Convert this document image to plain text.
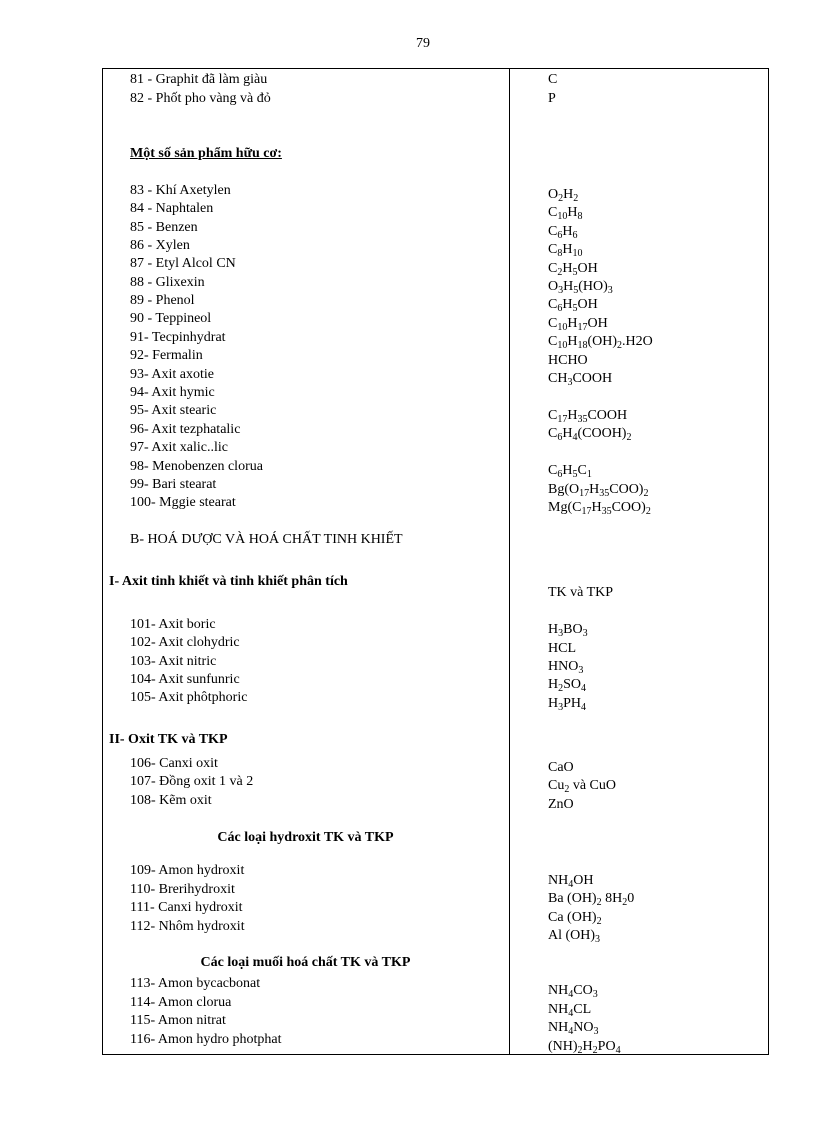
79
81 - Graphit đã làm giàu
82 - Phốt pho vàng và đỏ
Một số sản phẩm hữu cơ:
83 - Khí Axetylen
84 - Naphtalen
85 - Benzen
86 - Xylen
87 - Etyl Alcol CN
88 - Glixexin
89 - Phenol
90 - Teppineol
91- Tecpinhydrat
92- Fermalin
93- Axit axotie
94- Axit hymic
95- Axit stearic
96- Axit tezphatalic
97- Axit xalic..lic
98- Menobenzen clorua
99- Bari stearat
100- Mggie stearat
B- HOÁ DƯỢC VÀ HOÁ CHẤT TINH KHIẾT
I- Axit tinh khiết và tinh khiết phân tích
101- Axit boric
102- Axit clohydric
103- Axit nitric
104- Axit sunfunric
105- Axit phôtphoric
II- Oxit TK và TKP
106- Canxi oxit
107- Đồng oxit 1 và 2
108- Kẽm oxit
Các loại hydroxit TK và TKP
109- Amon hydroxit
110- Brerihydroxit
111- Canxi hydroxit
112- Nhôm hydroxit
Các loại muối hoá chất TK và TKP
113- Amon bycacbonat
114- Amon clorua
115- Amon nitrat
116- Amon hydro photphat
C
P
$O_2H_2$
$C_{10}H_8$
$C_6H_6$
$C_8H_{10}$
$C_2H_5OH$
$O_3H_5(HO)_3$
$C_6H_5OH$
$C_{10}H_{17}OH$
$C_{10}H_{18}(OH)_2.H2O$
HCHO
$CH_3COOH$
$C_{17}H_{35}COOH$
$C_6H_4(COOH)_2$
$C_6H_5C_1$
$Bg(O_{17}H_{35}COO)_2$
$Mg(C_{17}H_{35}COO)_2$
TK và TKP
$H_3BO_3$
HCL
$HNO_3$
$H_2SO_4$
$H_3PH_4$
CaO
$Cu_2$ và CuO
ZnO
$NH_4OH$
Ba $(OH)_2$ $8H_20$
Ca $(OH)_2$
Al $(OH)_3$
$NH_4CO_3$
$NH_4CL$
$NH_4NO_3$
$(NH)_2H_2PO_4$
